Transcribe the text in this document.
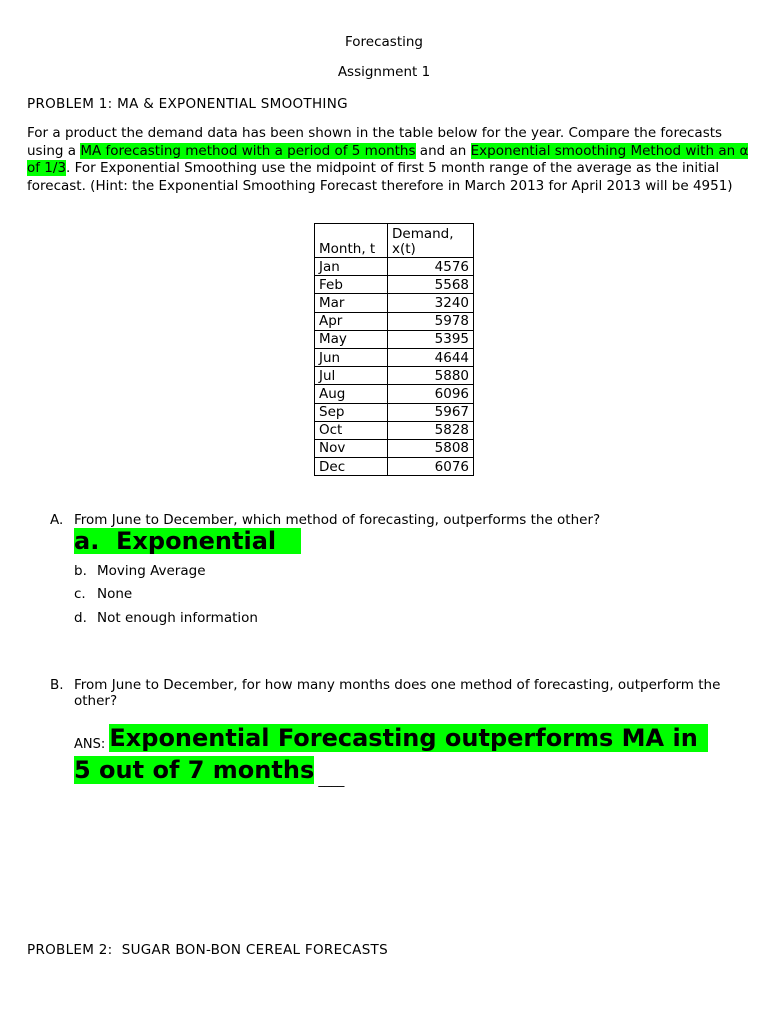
Forecasting
Assignment 1
PROBLEM 1: MA & EXPONENTIAL SMOOTHING
For a product the demand data has been shown in the table below for the year. Compare the forecasts using a MA forecasting method with a period of 5 months and an Exponential smoothing Method with an α of 1/3. For Exponential Smoothing use the midpoint of first 5 month range of the average as the initial forecast. (Hint: the Exponential Smoothing Forecast therefore in March 2013 for April 2013 will be 4951)
Month, t	Demand, x(t)
Jan	4576
Feb	5568
Mar	3240
Apr	5978
May	5395
Jun	4644
Jul	5880
Aug	6096
Sep	5967
Oct	5828
Nov	5808
Dec	6076
A. From June to December, which method of forecasting, outperforms the other?
a.  Exponential
b. Moving Average
c. None
d. Not enough information
B. From June to December, for how many months does one method of forecasting, outperform the
other?
ANS: Exponential Forecasting outperforms MA in
5 out of 7 months ____
PROBLEM 2:  SUGAR BON-BON CEREAL FORECASTS
